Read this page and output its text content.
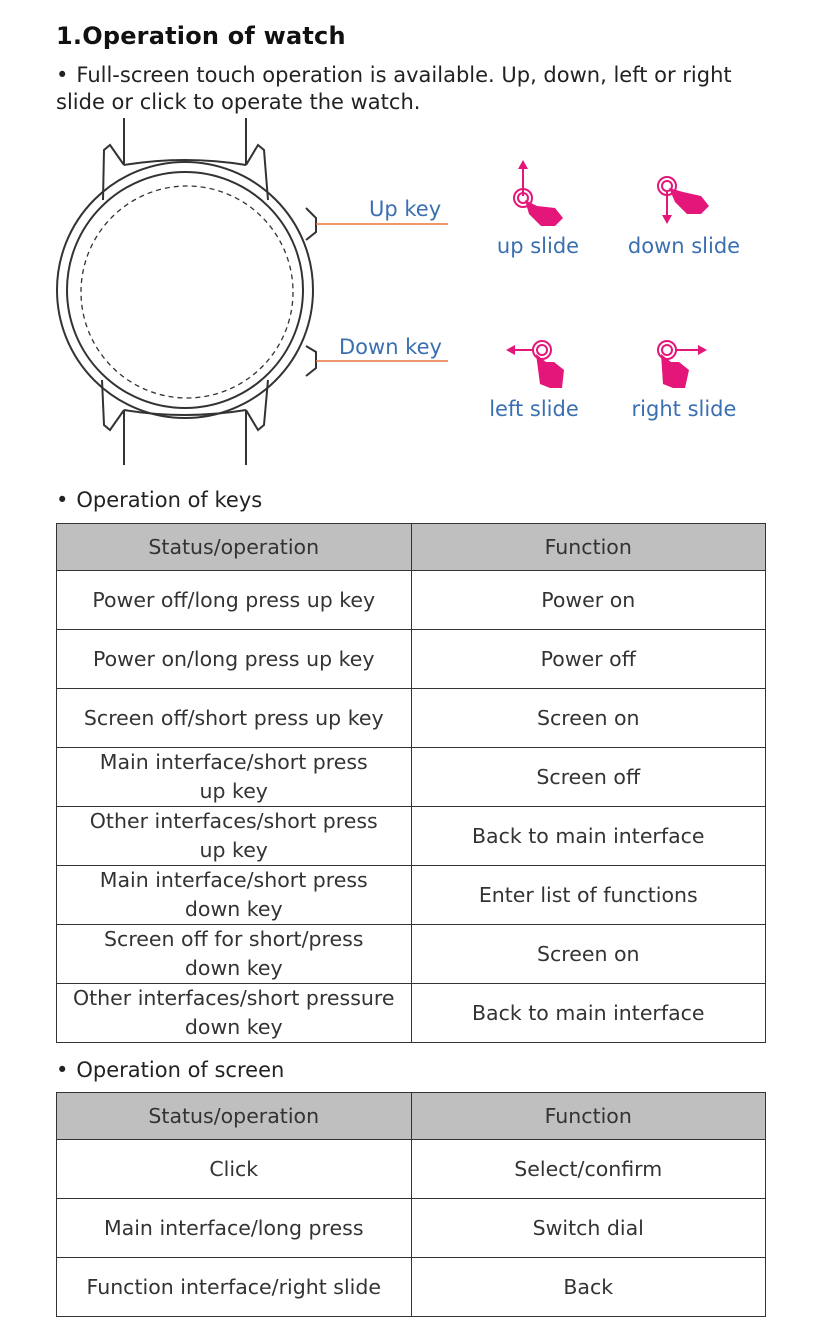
1.Operation of watch
• Full-screen touch operation is available. Up, down, left or right slide or click to operate the watch.
Up key
Down key
up slide	down slide
left slide	right slide
• Operation of keys
Status/operation	Function
Power off/long press up key	Power on
Power on/long press up key	Power off
Screen off/short press up key	Screen on
Main interface/short press up key	Screen off
Other interfaces/short press up key	Back to main interface
Main interface/short press down key	Enter list of functions
Screen off for short/press down key	Screen on
Other interfaces/short pressure down key	Back to main interface
• Operation of screen
Status/operation	Function
Click	Select/confirm
Main interface/long press	Switch dial
Function interface/right slide	Back
